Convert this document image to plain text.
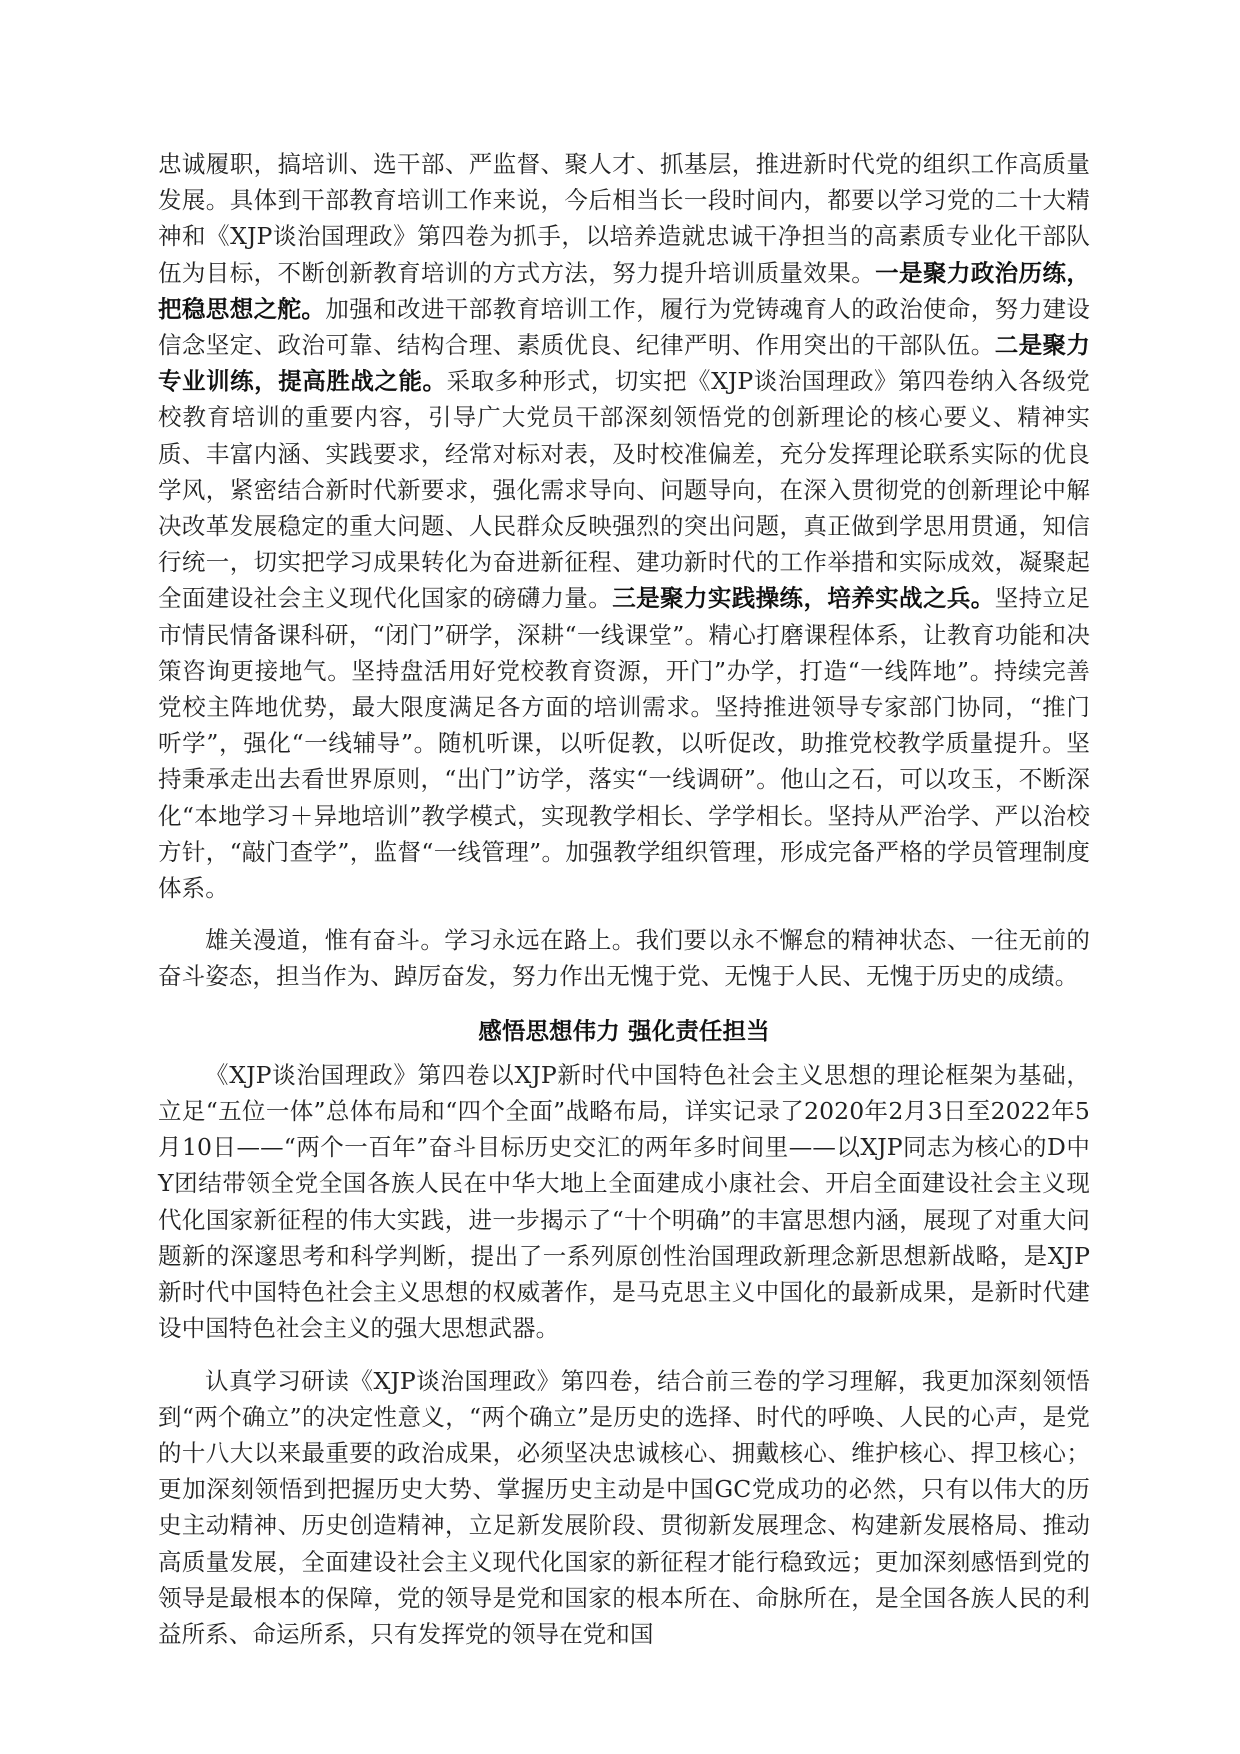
忠诚履职，搞培训、选干部、严监督、聚人才、抓基层，推进新时代党的组织工作高质量发展。具体到干部教育培训工作来说，今后相当长一段时间内，都要以学习党的二十大精神和《XJP谈治国理政》第四卷为抓手，以培养造就忠诚干净担当的高素质专业化干部队伍为目标，不断创新教育培训的方式方法，努力提升培训质量效果。一是聚力政治历练，把稳思想之舵。加强和改进干部教育培训工作，履行为党铸魂育人的政治使命，努力建设信念坚定、政治可靠、结构合理、素质优良、纪律严明、作用突出的干部队伍。二是聚力专业训练，提高胜战之能。采取多种形式，切实把《XJP谈治国理政》第四卷纳入各级党校教育培训的重要内容，引导广大党员干部深刻领悟党的创新理论的核心要义、精神实质、丰富内涵、实践要求，经常对标对表，及时校准偏差，充分发挥理论联系实际的优良学风，紧密结合新时代新要求，强化需求导向、问题导向，在深入贯彻党的创新理论中解决改革发展稳定的重大问题、人民群众反映强烈的突出问题，真正做到学思用贯通，知信行统一，切实把学习成果转化为奋进新征程、建功新时代的工作举措和实际成效，凝聚起全面建设社会主义现代化国家的磅礴力量。三是聚力实践操练，培养实战之兵。坚持立足市情民情备课科研，“闭门”研学，深耕“一线课堂”。精心打磨课程体系，让教育功能和决策咨询更接地气。坚持盘活用好党校教育资源，开门”办学，打造“一线阵地”。持续完善党校主阵地优势，最大限度满足各方面的培训需求。坚持推进领导专家部门协同，“推门听学”，强化“一线辅导”。随机听课，以听促教，以听促改，助推党校教学质量提升。坚持秉承走出去看世界原则，“出门”访学，落实“一线调研”。他山之石，可以攻玉，不断深化“本地学习＋异地培训”教学模式，实现教学相长、学学相长。坚持从严治学、严以治校方针，“敲门查学”，监督“一线管理”。加强教学组织管理，形成完备严格的学员管理制度体系。

雄关漫道，惟有奋斗。学习永远在路上。我们要以永不懈怠的精神状态、一往无前的奋斗姿态，担当作为、踔厉奋发，努力作出无愧于党、无愧于人民、无愧于历史的成绩。

感悟思想伟力 强化责任担当

《XJP谈治国理政》第四卷以XJP新时代中国特色社会主义思想的理论框架为基础，立足“五位一体”总体布局和“四个全面”战略布局，详实记录了2020年2月3日至2022年5月10日——“两个一百年”奋斗目标历史交汇的两年多时间里——以XJP同志为核心的D中Y团结带领全党全国各族人民在中华大地上全面建成小康社会、开启全面建设社会主义现代化国家新征程的伟大实践，进一步揭示了“十个明确”的丰富思想内涵，展现了对重大问题新的深邃思考和科学判断，提出了一系列原创性治国理政新理念新思想新战略，是XJP新时代中国特色社会主义思想的权威著作，是马克思主义中国化的最新成果，是新时代建设中国特色社会主义的强大思想武器。

认真学习研读《XJP谈治国理政》第四卷，结合前三卷的学习理解，我更加深刻领悟到“两个确立”的决定性意义，“两个确立”是历史的选择、时代的呼唤、人民的心声，是党的十八大以来最重要的政治成果，必须坚决忠诚核心、拥戴核心、维护核心、捍卫核心；更加深刻领悟到把握历史大势、掌握历史主动是中国GC党成功的必然，只有以伟大的历史主动精神、历史创造精神，立足新发展阶段、贯彻新发展理念、构建新发展格局、推动高质量发展，全面建设社会主义现代化国家的新征程才能行稳致远；更加深刻感悟到党的领导是最根本的保障，党的领导是党和国家的根本所在、命脉所在，是全国各族人民的利益所系、命运所系，只有发挥党的领导在党和国
